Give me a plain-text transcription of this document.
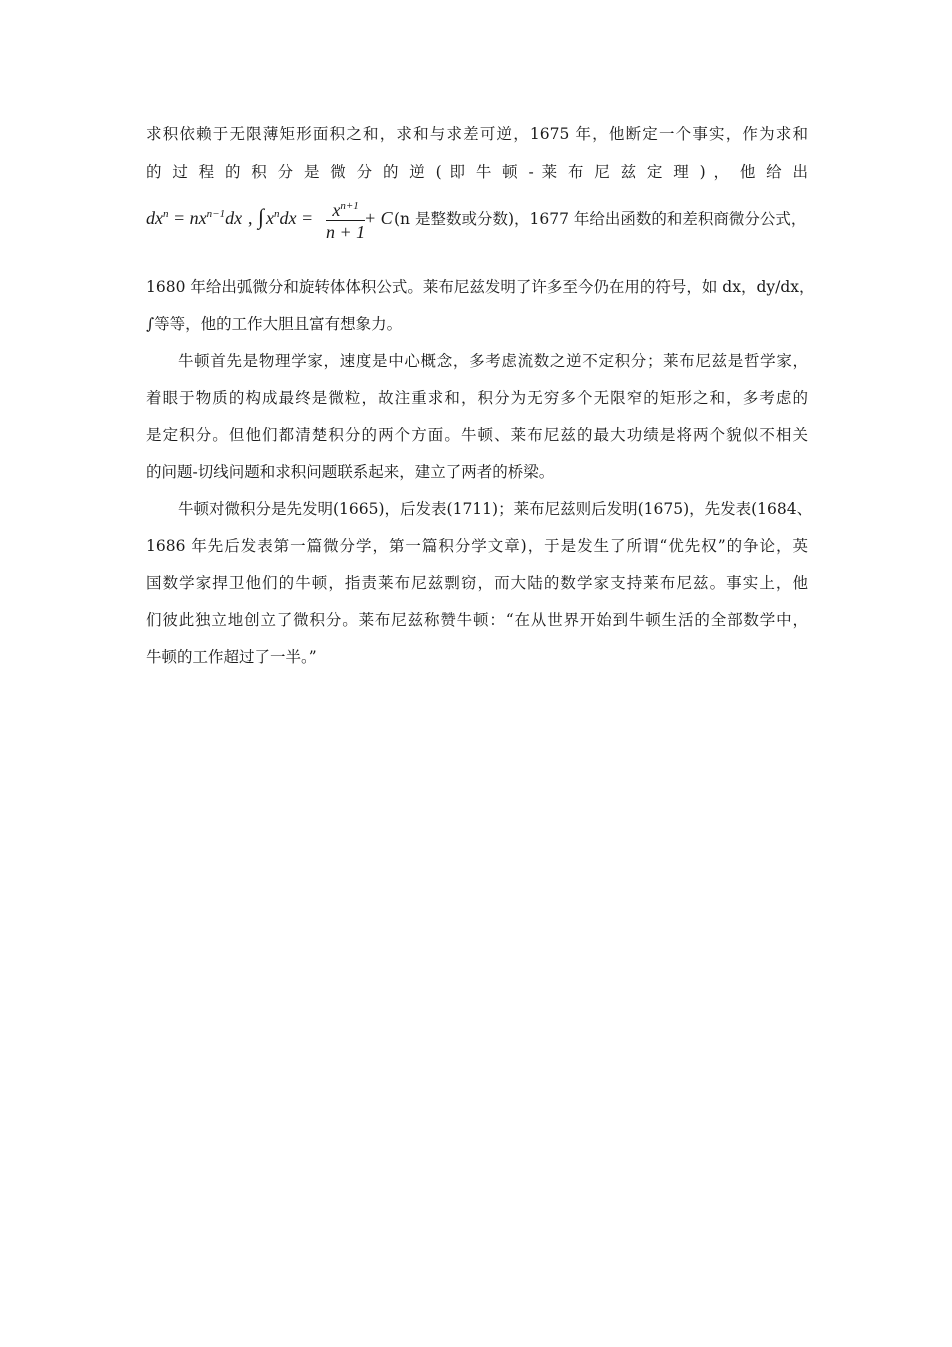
求积依赖于无限薄矩形面积之和，求和与求差可逆，1675 年，他断定一个事实，作为求和
的 过 程 的 积 分 是 微 分 的 逆 ( 即 牛 顿 - 莱 布 尼 兹 定 理 ) ， 他 给 出
$dx^n = nx^{n-1}dx$ , ∫ $x^ndx = \frac{x^{n+1}}{n + 1}$
+ C (n 是整数或分数)，1677 年给出函数的和差积商微分公式，
1680 年给出弧微分和旋转体体积公式。莱布尼兹发明了许多至今仍在用的符号，如 dx，dy/dx，
∫等等，他的工作大胆且富有想象力。
牛顿首先是物理学家，速度是中心概念，多考虑流数之逆不定积分；莱布尼兹是哲学家，
着眼于物质的构成最终是微粒，故注重求和，积分为无穷多个无限窄的矩形之和，多考虑的
是定积分。但他们都清楚积分的两个方面。牛顿、莱布尼兹的最大功绩是将两个貌似不相关
的问题-切线问题和求积问题联系起来，建立了两者的桥梁。
牛顿对微积分是先发明(1665)，后发表(1711)；莱布尼兹则后发明(1675)，先发表(1684、
1686 年先后发表第一篇微分学，第一篇积分学文章)，于是发生了所谓“优先权”的争论，英
国数学家捍卫他们的牛顿，指责莱布尼兹剽窃，而大陆的数学家支持莱布尼兹。事实上，他
们彼此独立地创立了微积分。莱布尼兹称赞牛顿：“在从世界开始到牛顿生活的全部数学中，
牛顿的工作超过了一半。”
